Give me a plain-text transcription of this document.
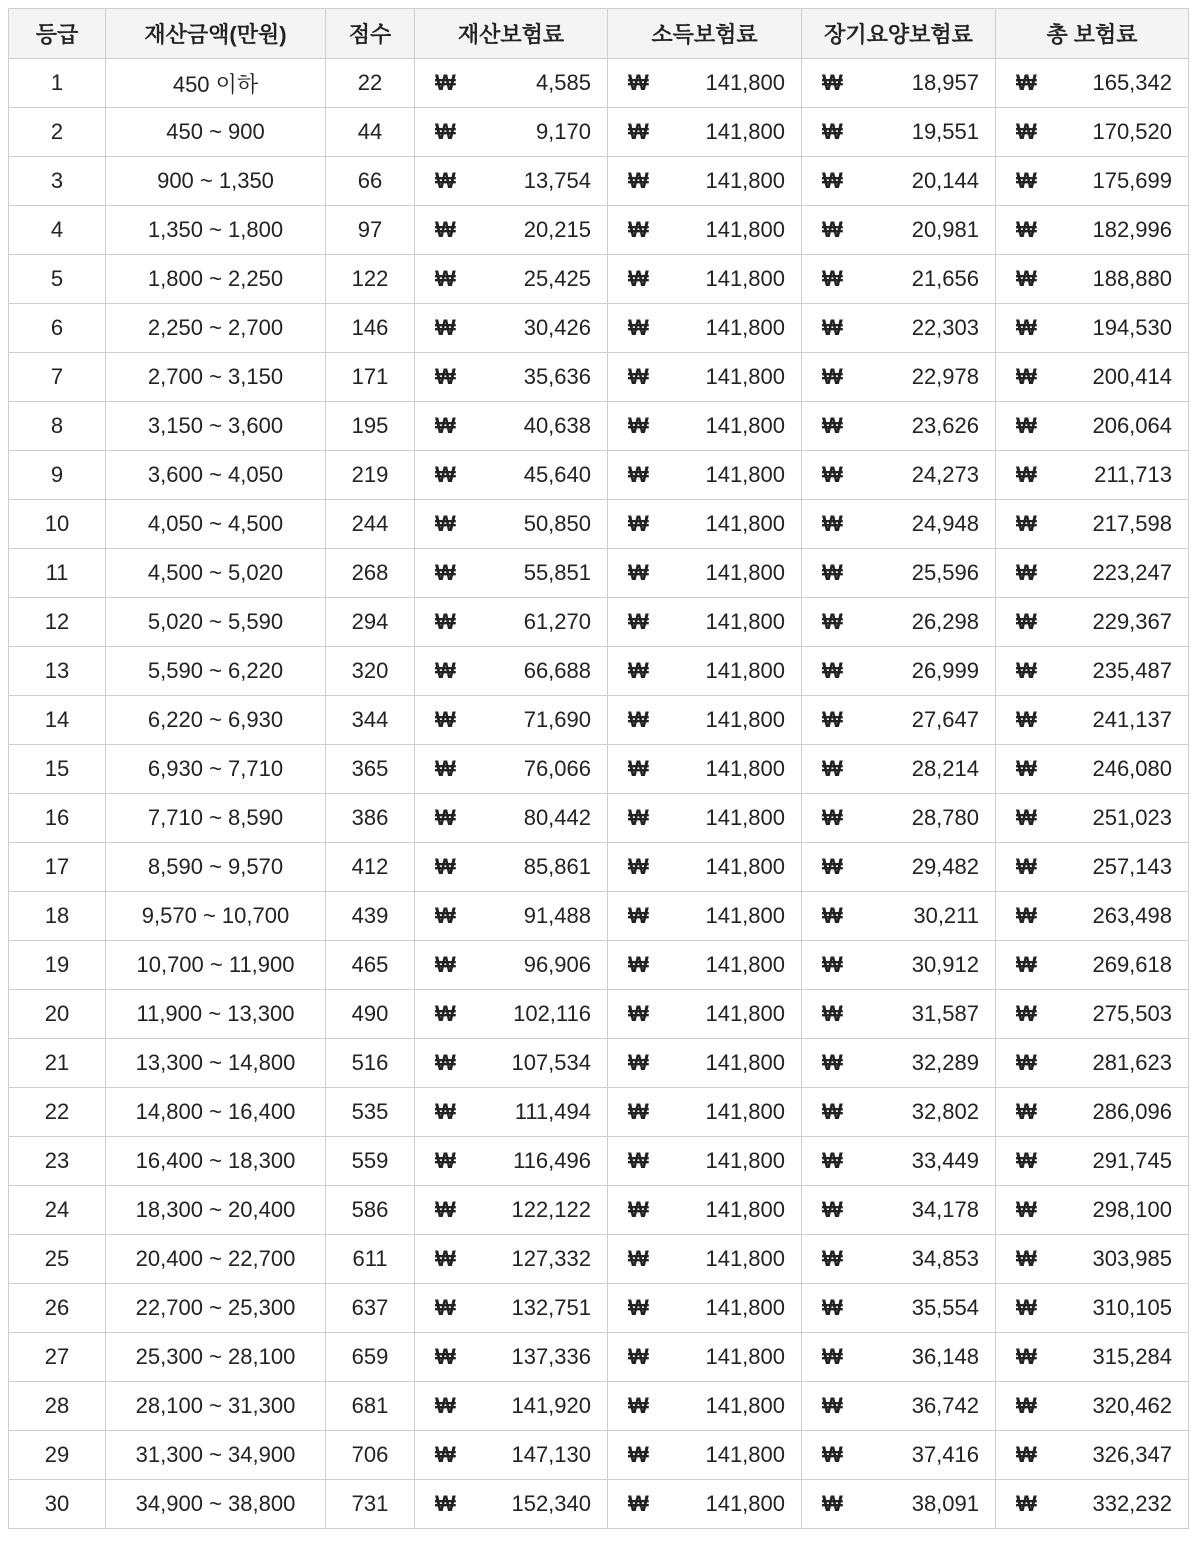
등급	재산금액(만원)	점수	재산보험료	소득보험료	장기요양보험료	총 보험료
1	450 이하	22	₩ 4,585	₩ 141,800	₩ 18,957	₩ 165,342

2	450 ~ 900	44	₩ 9,170	₩ 141,800	₩ 19,551	₩ 170,520

3	900 ~ 1,350	66	₩ 13,754	₩ 141,800	₩ 20,144	₩ 175,699

4	1,350 ~ 1,800	97	₩ 20,215	₩ 141,800	₩ 20,981	₩ 182,996

5	1,800 ~ 2,250	122	₩ 25,425	₩ 141,800	₩ 21,656	₩ 188,880

6	2,250 ~ 2,700	146	₩ 30,426	₩ 141,800	₩ 22,303	₩ 194,530

7	2,700 ~ 3,150	171	₩ 35,636	₩ 141,800	₩ 22,978	₩ 200,414

8	3,150 ~ 3,600	195	₩ 40,638	₩ 141,800	₩ 23,626	₩ 206,064

9	3,600 ~ 4,050	219	₩ 45,640	₩ 141,800	₩ 24,273	₩ 211,713

10	4,050 ~ 4,500	244	₩ 50,850	₩ 141,800	₩ 24,948	₩ 217,598

11	4,500 ~ 5,020	268	₩ 55,851	₩ 141,800	₩ 25,596	₩ 223,247

12	5,020 ~ 5,590	294	₩ 61,270	₩ 141,800	₩ 26,298	₩ 229,367

13	5,590 ~ 6,220	320	₩ 66,688	₩ 141,800	₩ 26,999	₩ 235,487

14	6,220 ~ 6,930	344	₩ 71,690	₩ 141,800	₩ 27,647	₩ 241,137

15	6,930 ~ 7,710	365	₩ 76,066	₩ 141,800	₩ 28,214	₩ 246,080

16	7,710 ~ 8,590	386	₩ 80,442	₩ 141,800	₩ 28,780	₩ 251,023

17	8,590 ~ 9,570	412	₩ 85,861	₩ 141,800	₩ 29,482	₩ 257,143

18	9,570 ~ 10,700	439	₩ 91,488	₩ 141,800	₩ 30,211	₩ 263,498

19	10,700 ~ 11,900	465	₩ 96,906	₩ 141,800	₩ 30,912	₩ 269,618

20	11,900 ~ 13,300	490	₩ 102,116	₩ 141,800	₩ 31,587	₩ 275,503

21	13,300 ~ 14,800	516	₩ 107,534	₩ 141,800	₩ 32,289	₩ 281,623

22	14,800 ~ 16,400	535	₩ 111,494	₩ 141,800	₩ 32,802	₩ 286,096

23	16,400 ~ 18,300	559	₩ 116,496	₩ 141,800	₩ 33,449	₩ 291,745

24	18,300 ~ 20,400	586	₩ 122,122	₩ 141,800	₩ 34,178	₩ 298,100

25	20,400 ~ 22,700	611	₩ 127,332	₩ 141,800	₩ 34,853	₩ 303,985

26	22,700 ~ 25,300	637	₩ 132,751	₩ 141,800	₩ 35,554	₩ 310,105

27	25,300 ~ 28,100	659	₩ 137,336	₩ 141,800	₩ 36,148	₩ 315,284

28	28,100 ~ 31,300	681	₩ 141,920	₩ 141,800	₩ 36,742	₩ 320,462

29	31,300 ~ 34,900	706	₩ 147,130	₩ 141,800	₩ 37,416	₩ 326,347

30	34,900 ~ 38,800	731	₩ 152,340	₩ 141,800	₩ 38,091	₩ 332,232
